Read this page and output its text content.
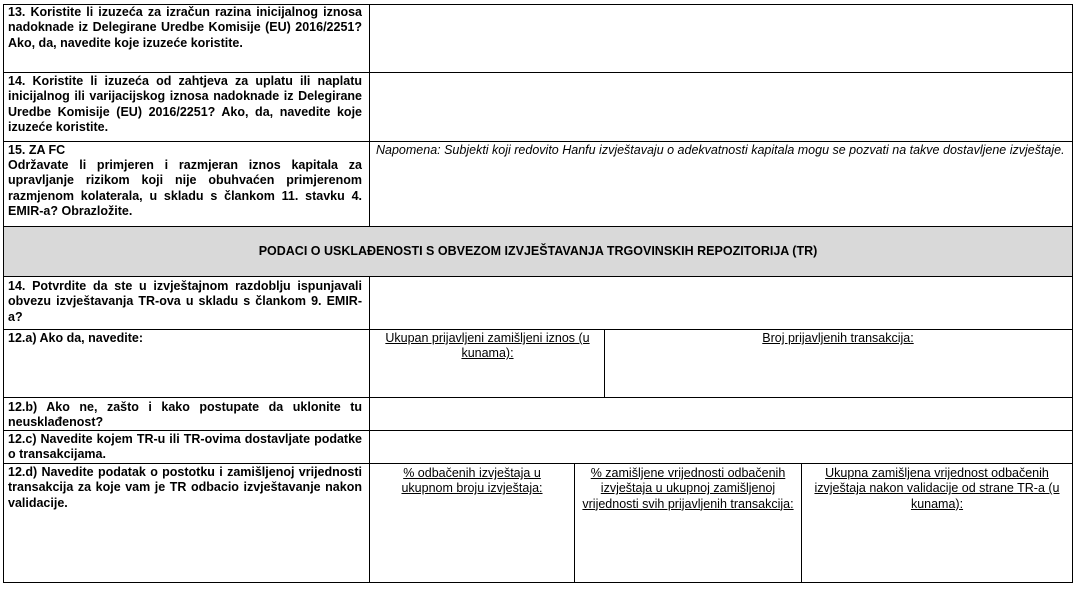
13. Koristite li izuzeća za izračun razina inicijalnog iznosa nadoknade iz Delegirane Uredbe Komisije (EU) 2016/2251? Ako, da, navedite koje izuzeće koristite.
14. Koristite li izuzeća od zahtjeva za uplatu ili naplatu inicijalnog ili varijacijskog iznosa nadoknade iz Delegirane Uredbe Komisije (EU) 2016/2251? Ako, da, navedite koje izuzeće koristite.
15. ZA FC
Održavate li primjeren i razmjeran iznos kapitala za upravljanje rizikom koji nije obuhvaćen primjerenom razmjenom kolaterala, u skladu s člankom 11. stavku 4. EMIR-a? Obrazložite.
Napomena: Subjekti koji redovito Hanfu izvještavaju o adekvatnosti kapitala mogu se pozvati na takve dostavljene izvještaje.
PODACI O USKLAĐENOSTI S OBVEZOM IZVJEŠTAVANJA TRGOVINSKIH REPOZITORIJA (TR)
14. Potvrdite da ste u izvještajnom razdoblju ispunjavali obvezu izvještavanja TR-ova u skladu s člankom 9. EMIR-a?
12.a) Ako da, navedite:	Ukupan prijavljeni zamišljeni iznos (u kunama):
Broj prijavljenih transakcija:
12.b) Ako ne, zašto i kako postupate da uklonite tu neusklađenost?
12.c) Navedite kojem TR-u ili TR-ovima dostavljate podatke o transakcijama.
12.d) Navedite podatak o postotku i zamišljenoj vrijednosti transakcija za koje vam je TR odbacio izvještavanje nakon validacije.
% odbačenih izvještaja u ukupnom broju izvještaja:
% zamišljene vrijednosti odbačenih izvještaja u ukupnoj zamišljenoj vrijednosti svih prijavljenih transakcija:
Ukupna zamišljena vrijednost odbačenih izvještaja nakon validacije od strane TR-a (u kunama):
